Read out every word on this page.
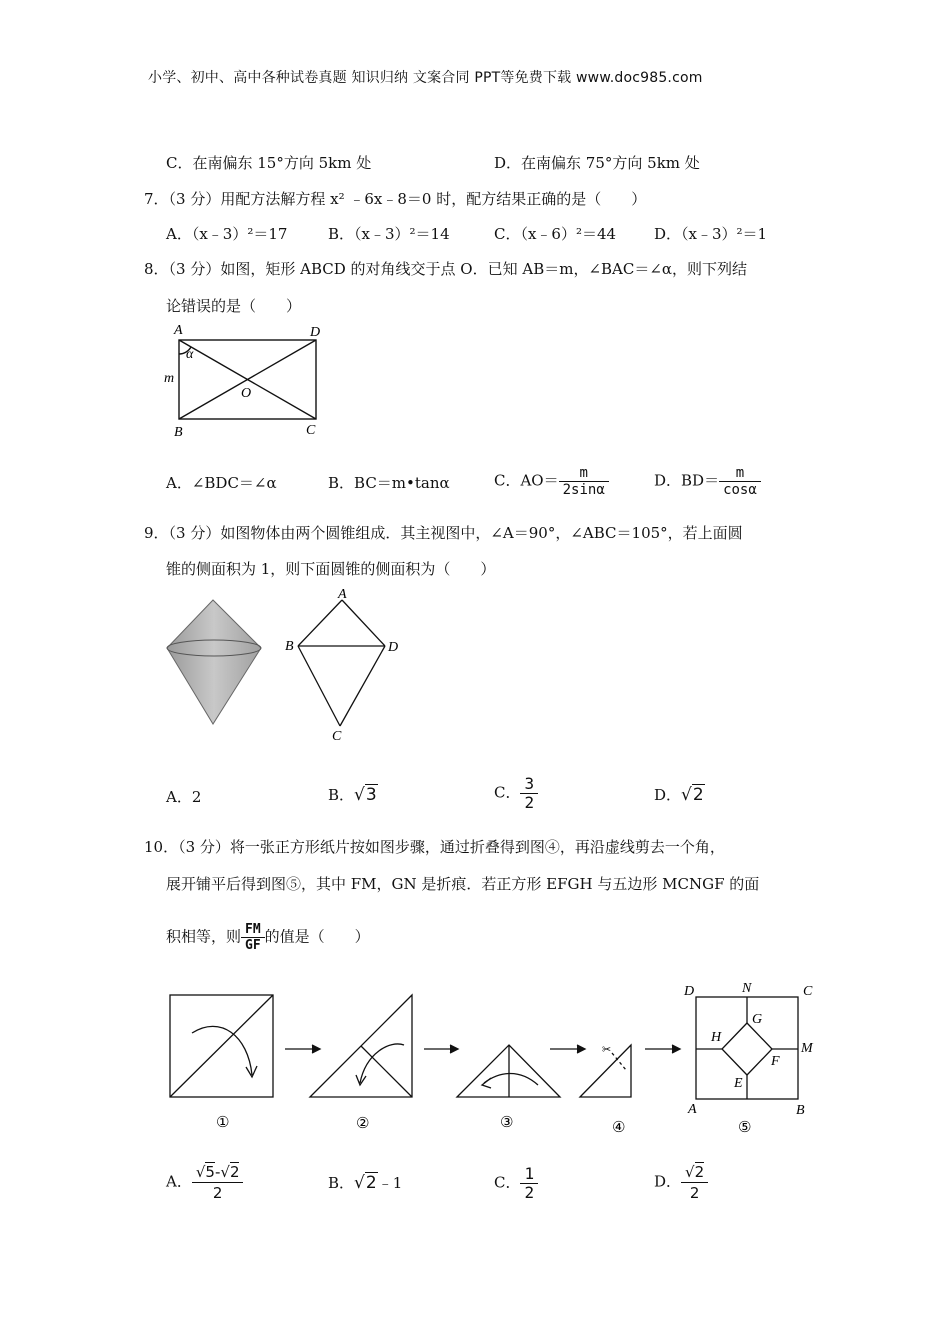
小学、初中、高中各种试卷真题 知识归纳 文案合同 PPT等免费下载 www.doc985.com
C．在南偏东 15°方向 5km 处	D．在南偏东 75°方向 5km 处
7．（3 分）用配方法解方程 x² ﹣6x﹣8＝0 时，配方结果正确的是（　　）
A．（x﹣3）²＝17	B．（x﹣3）²＝14	C．（x﹣6）²＝44	D．（x﹣3）²＝1
8．（3 分）如图，矩形 ABCD 的对角线交于点 O．已知 AB＝m，∠BAC＝∠α，则下列结
论错误的是（　　）
A	D
B	C
O
m
α
A．∠BDC＝∠α	B．BC＝m•tanα	C．$AO= \frac{m}{2\sin\alpha}$	D．$BD= \frac{m}{\cos\alpha}$
9．（3 分）如图物体由两个圆锥组成．其主视图中，∠A＝90°，∠ABC＝105°，若上面圆
锥的侧面积为 1，则下面圆锥的侧面积为（　　）
A
B	D
C
A．2	B．√3	C． $\frac{3}{2}$	D．√2
10．（3 分）将一张正方形纸片按如图步骤，通过折叠得到图④，再沿虚线剪去一个角，
展开铺平后得到图⑤，其中 FM，GN 是折痕．若正方形 EFGH 与五边形 MCNGF 的面
积相等，则 $\frac{FM}{GF}$ 的值是（　　）
✂
①	②	③	④	⑤
D	N	C
G
H
M
F
E
A	B
A． $\frac{√5-√2}{2}$	B．√2﹣1	C． $\frac{1}{2}$	D． $\frac{√2}{2}$
